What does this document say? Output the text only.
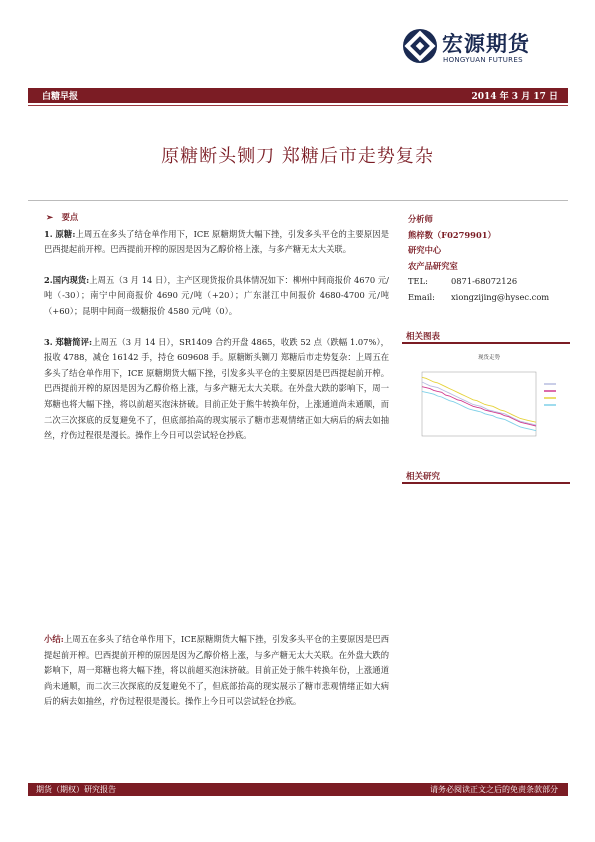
宏源期货
HONGYUAN FUTURES
白糖早报	2014 年 3 月 17 日
原糖断头铡刀 郑糖后市走势复杂
➢ 要点
1. 原糖:上周五在多头了结仓单作用下，ICE 原糖期货大幅下挫，引发多头平仓的主要原因是巴西提起前开榨。巴西提前开榨的原因是因为乙醇价格上涨，与多产糖无太大关联。
2.国内现货:上周五（3 月 14 日），主产区现货报价具体情况如下：柳州中间商报价 4670 元/吨（-30）；南宁中间商报价 4690 元/吨（+20）；广东湛江中间报价 4680-4700 元/吨（+60）；昆明中间商一级糖报价 4580 元/吨（0）。
3. 郑糖简评:上周五（3 月 14 日），SR1409 合约开盘 4865，收跌 52 点（跌幅 1.07%），报收 4788，减仓 16142 手，持仓 609608 手。原糖断头铡刀 郑糖后市走势复杂：上周五在多头了结仓单作用下，ICE 原糖期货大幅下挫，引发多头平仓的主要原因是巴西提起前开榨。巴西提前开榨的原因是因为乙醇价格上涨，与多产糖无太大关联。在外盘大跌的影响下，周一郑糖也将大幅下挫，将以前超买泡沫挤破。目前正处于熊牛转换年份，上涨通道尚未通顺，而二次三次探底的反复避免不了，但底部抬高的现实展示了糖市悲观情绪正如大病后的病去如抽丝，疗伤过程很是漫长。操作上今日可以尝试轻仓抄底。
小结:上周五在多头了结仓单作用下，ICE原糖期货大幅下挫，引发多头平仓的主要原因是巴西提起前开榨。巴西提前开榨的原因是因为乙醇价格上涨，与多产糖无太大关联。在外盘大跌的影响下，周一郑糖也将大幅下挫，将以前超买泡沫挤破。目前正处于熊牛转换年份，上涨通道尚未通顺，而二次三次探底的反复避免不了，但底部抬高的现实展示了糖市悲观情绪正如大病后的病去如抽丝，疗伤过程很是漫长。操作上今日可以尝试轻仓抄底。
分析师
熊梓数（F0279901）
研究中心
农产品研究室
TEL:	0871-68072126
Email:	xiongzijing@hysec.com
相关图表
现货走势
相关研究
期货（期权）研究报告	请务必阅读正文之后的免责条款部分
